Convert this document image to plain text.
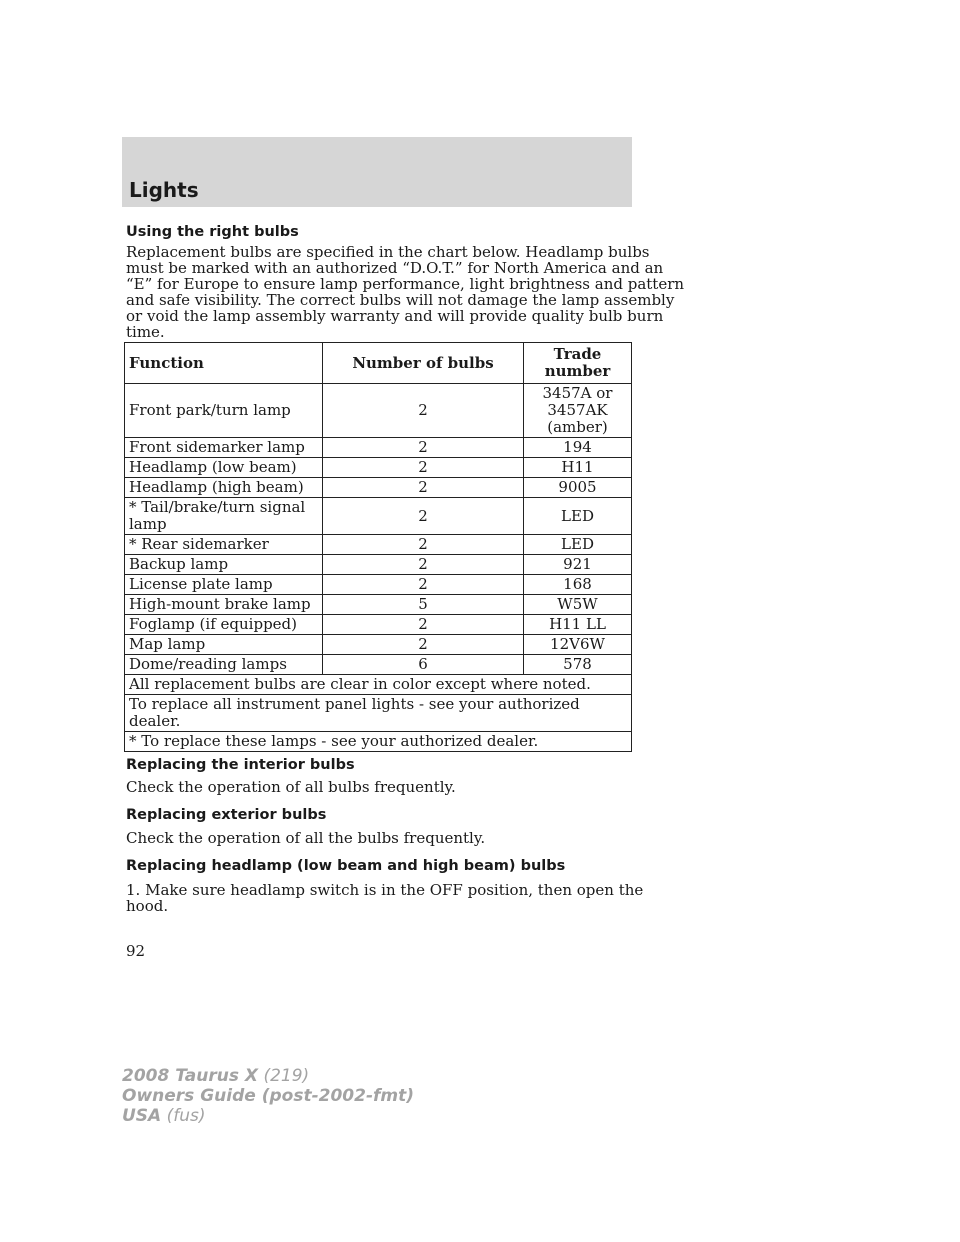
Lights
Using the right bulbs
Replacement bulbs are specified in the chart below. Headlamp bulbs
must be marked with an authorized “D.O.T.” for North America and an
“E” for Europe to ensure lamp performance, light brightness and pattern
and safe visibility. The correct bulbs will not damage the lamp assembly
or void the lamp assembly warranty and will provide quality bulb burn
time.
Function	Number of bulbs	Trade number
Front park/turn lamp	2	3457A or 3457AK (amber)
Front sidemarker lamp	2	194
Headlamp (low beam)	2	H11
Headlamp (high beam)	2	9005
* Tail/brake/turn signal lamp	2	LED
* Rear sidemarker	2	LED
Backup lamp	2	921
License plate lamp	2	168
High-mount brake lamp	5	W5W
Foglamp (if equipped)	2	H11 LL
Map lamp	2	12V6W
Dome/reading lamps	6	578
All replacement bulbs are clear in color except where noted.		
To replace all instrument panel lights - see your authorized dealer.		
* To replace these lamps - see your authorized dealer.		
Replacing the interior bulbs
Check the operation of all bulbs frequently.
Replacing exterior bulbs
Check the operation of all the bulbs frequently.
Replacing headlamp (low beam and high beam) bulbs
1. Make sure headlamp switch is in the OFF position, then open the
hood.
92
2008 Taurus X (219)
Owners Guide (post-2002-fmt)
USA (fus)
